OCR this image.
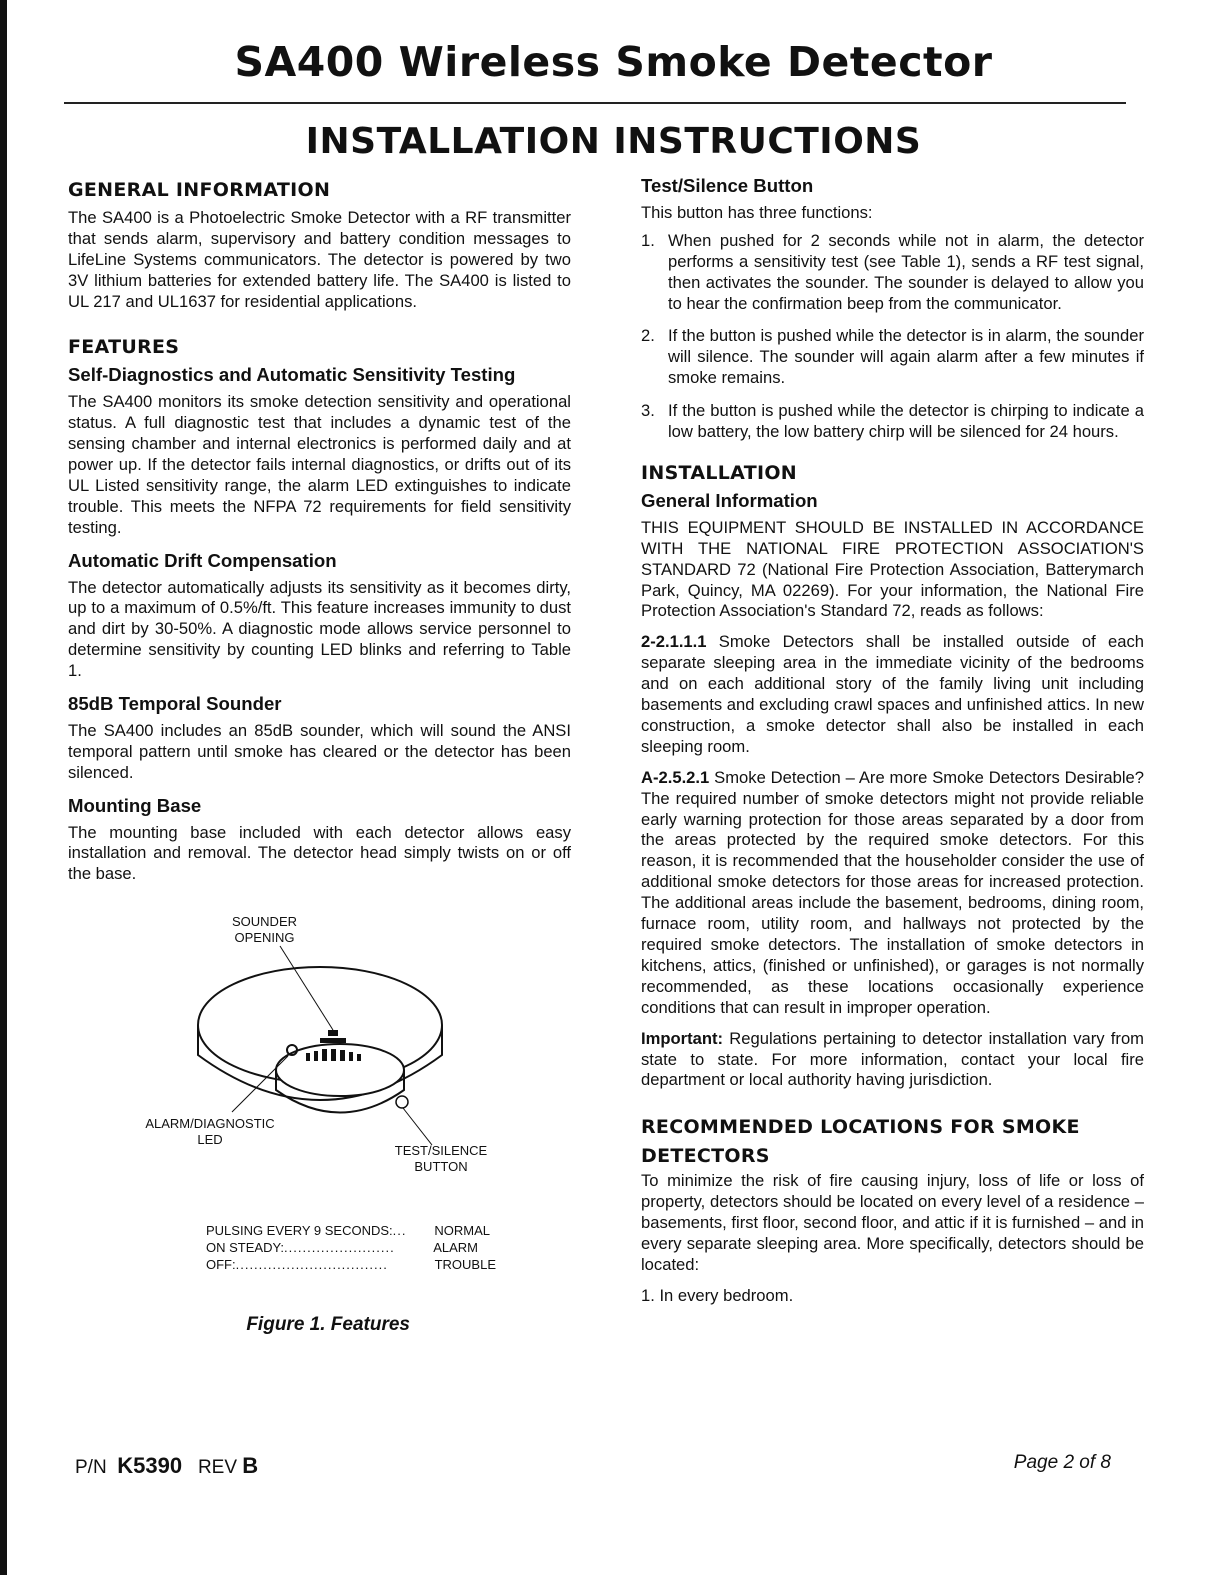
SA400 Wireless Smoke Detector
INSTALLATION INSTRUCTIONS
GENERAL INFORMATION

The SA400 is a Photoelectric Smoke Detector with a RF transmitter that sends alarm, supervisory and battery condition messages to LifeLine Systems communicators. The detector is powered by two 3V lithium batteries for extended battery life. The SA400 is listed to UL 217 and UL1637 for residential applications.

FEATURES
Self-Diagnostics and Automatic Sensitivity Testing

The SA400 monitors its smoke detection sensitivity and operational status. A full diagnostic test that includes a dynamic test of the sensing chamber and internal electronics is performed daily and at power up. If the detector fails internal diagnostics, or drifts out of its UL Listed sensitivity range, the alarm LED extinguishes to indicate trouble. This meets the NFPA 72 requirements for field sensitivity testing.

Automatic Drift Compensation

The detector automatically adjusts its sensitivity as it becomes dirty, up to a maximum of 0.5%/ft. This feature increases immunity to dust and dirt by 30-50%. A diagnostic mode allows service personnel to determine sensitivity by counting LED blinks and referring to Table 1.

85dB Temporal Sounder

The SA400 includes an 85dB sounder, which will sound the ANSI temporal pattern until smoke has cleared or the detector has been silenced.

Mounting Base

The mounting base included with each detector allows easy installation and removal. The detector head simply twists on or off the base.

SOUNDER
OPENING
ALARM/DIAGNOSTIC
LED
TEST/SILENCE
BUTTON
PULSING EVERY 9 SECONDS: ...	NORMAL
ON STEADY: ........................	ALARM
OFF: .................................	TROUBLE
Figure 1. Features
Test/Silence Button

This button has three functions:

1. When pushed for 2 seconds while not in alarm, the detector performs a sensitivity test (see Table 1), sends a RF test signal, then activates the sounder. The sounder is delayed to allow you to hear the confirmation beep from the communicator.
2. If the button is pushed while the detector is in alarm, the sounder will silence. The sounder will again alarm after a few minutes if smoke remains.
3. If the button is pushed while the detector is chirping to indicate a low battery, the low battery chirp will be silenced for 24 hours.
INSTALLATION
General Information

THIS EQUIPMENT SHOULD BE INSTALLED IN ACCORDANCE WITH THE NATIONAL FIRE PROTECTION ASSOCIATION'S STANDARD 72 (National Fire Protection Association, Batterymarch Park, Quincy, MA 02269). For your information, the National Fire Protection Association's Standard 72, reads as follows:

2-2.1.1.1 Smoke Detectors shall be installed outside of each separate sleeping area in the immediate vicinity of the bedrooms and on each additional story of the family living unit including basements and excluding crawl spaces and unfinished attics. In new construction, a smoke detector shall also be installed in each sleeping room.

A-2.5.2.1 Smoke Detection – Are more Smoke Detectors Desirable? The required number of smoke detectors might not provide reliable early warning protection for those areas separated by a door from the areas protected by the required smoke detectors. For this reason, it is recommended that the householder consider the use of additional smoke detectors for those areas for increased protection. The additional areas include the basement, bedrooms, dining room, furnace room, utility room, and hallways not protected by the required smoke detectors. The installation of smoke detectors in kitchens, attics, (finished or unfinished), or garages is not normally recommended, as these locations occasionally experience conditions that can result in improper operation.

Important: Regulations pertaining to detector installation vary from state to state. For more information, contact your local fire department or local authority having jurisdiction.

RECOMMENDED LOCATIONS FOR SMOKE
DETECTORS

To minimize the risk of fire causing injury, loss of life or loss of property, detectors should be located on every level of a residence – basements, first floor, second floor, and attic if it is furnished – and in every separate sleeping area. More specifically, detectors should be located:

1. In every bedroom.

P/N K5390 REV B	Page 2 of 8
